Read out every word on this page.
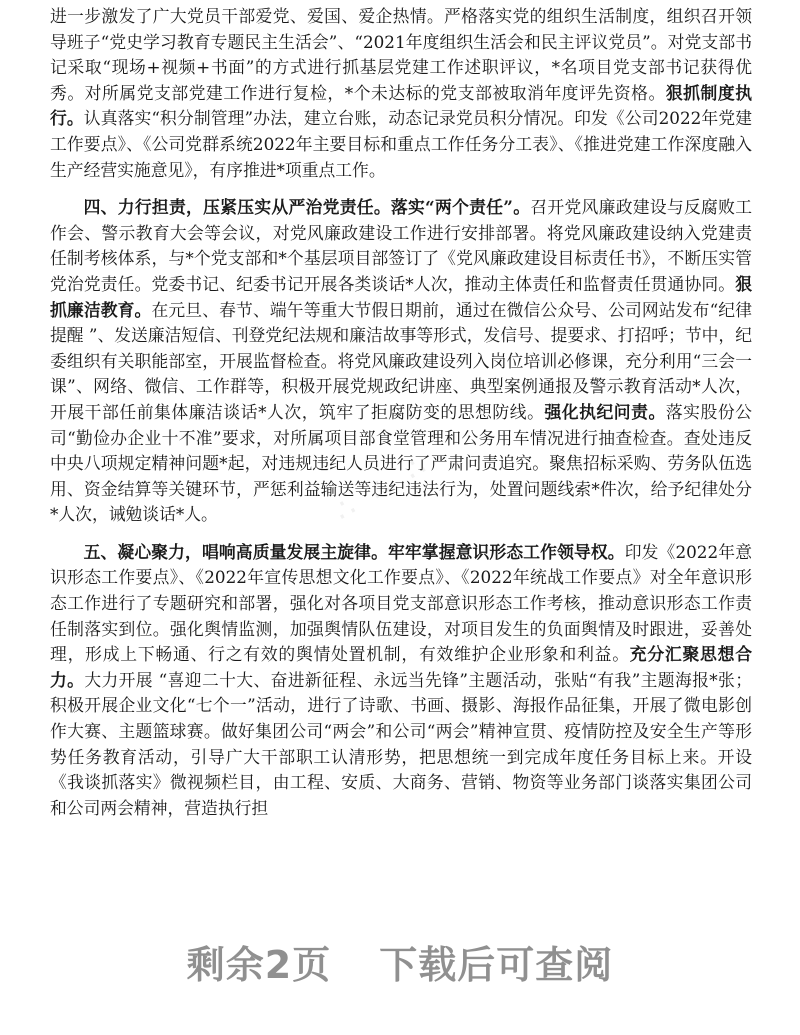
进一步激发了广大党员干部爱党、爱国、爱企热情。严格落实党的组织生活制度，组织召开领导班子“党史学习教育专题民主生活会”、“2021年度组织生活会和民主评议党员”。对党支部书记采取“现场+视频+书面”的方式进行抓基层党建工作述职评议，*名项目党支部书记获得优秀。对所属党支部党建工作进行复检，*个未达标的党支部被取消年度评先资格。狠抓制度执行。认真落实“积分制管理”办法，建立台账，动态记录党员积分情况。印发《公司2022年党建工作要点》、《公司党群系统2022年主要目标和重点工作任务分工表》、《推进党建工作深度融入生产经营实施意见》，有序推进*项重点工作。

四、力行担责，压紧压实从严治党责任。落实“两个责任”。召开党风廉政建设与反腐败工作会、警示教育大会等会议，对党风廉政建设工作进行安排部署。将党风廉政建设纳入党建责任制考核体系，与*个党支部和*个基层项目部签订了《党风廉政建设目标责任书》，不断压实管党治党责任。党委书记、纪委书记开展各类谈话*人次，推动主体责任和监督责任贯通协同。狠抓廉洁教育。在元旦、春节、端午等重大节假日期前，通过在微信公众号、公司网站发布“纪律提醒 ”、发送廉洁短信、刊登党纪法规和廉洁故事等形式，发信号、提要求、打招呼；节中，纪委组织有关职能部室，开展监督检查。将党风廉政建设列入岗位培训必修课，充分利用“三会一课”、网络、微信、工作群等，积极开展党规政纪讲座、典型案例通报及警示教育活动*人次，开展干部任前集体廉洁谈话*人次，筑牢了拒腐防变的思想防线。强化执纪问责。落实股份公司“勤俭办企业十不准”要求，对所属项目部食堂管理和公务用车情况进行抽查检查。查处违反中央八项规定精神问题*起，对违规违纪人员进行了严肃问责追究。聚焦招标采购、劳务队伍选用、资金结算等关键环节，严惩利益输送等违纪违法行为，处置问题线索*件次，给予纪律处分*人次，诫勉谈话*人。

五、凝心聚力，唱响高质量发展主旋律。牢牢掌握意识形态工作领导权。印发《2022年意识形态工作要点》、《2022年宣传思想文化工作要点》、《2022年统战工作要点》对全年意识形态工作进行了专题研究和部署，强化对各项目党支部意识形态工作考核，推动意识形态工作责任制落实到位。强化舆情监测，加强舆情队伍建设，对项目发生的负面舆情及时跟进，妥善处理，形成上下畅通、行之有效的舆情处置机制，有效维护企业形象和利益。充分汇聚思想合力。大力开展 “喜迎二十大、奋进新征程、永远当先锋”主题活动，张贴“有我”主题海报*张；积极开展企业文化“七个一”活动，进行了诗歌、书画、摄影、海报作品征集，开展了微电影创作大赛、主题篮球赛。做好集团公司“两会”和公司“两会”精神宣贯、疫情防控及安全生产等形势任务教育活动，引导广大干部职工认清形势，把思想统一到完成年度任务目标上来。开设《我谈抓落实》微视频栏目，由工程、安质、大商务、营销、物资等业务部门谈落实集团公司和公司两会精神，营造执行担

∴ ∴ ∴
剩余2页 下载后可查阅
